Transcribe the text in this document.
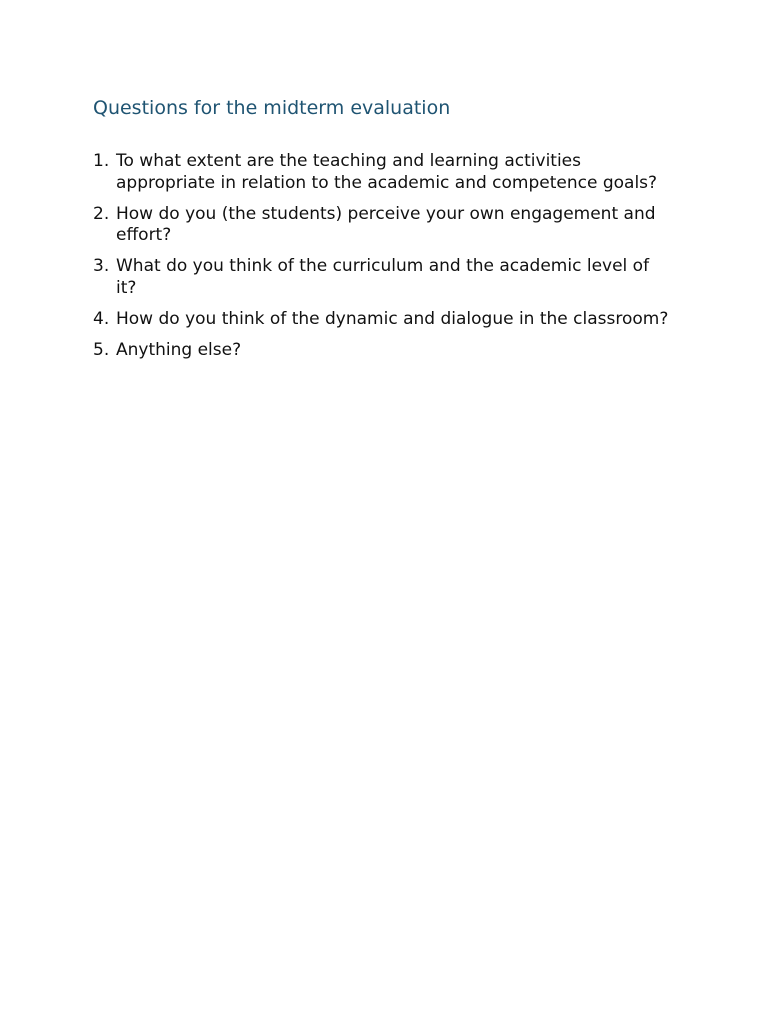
Questions for the midterm evaluation
1. To what extent are the teaching and learning activities appropriate in relation to the academic and competence goals?
2. How do you (the students) perceive your own engagement and effort?
3. What do you think of the curriculum and the academic level of it?
4. How do you think of the dynamic and dialogue in the classroom?
5. Anything else?
